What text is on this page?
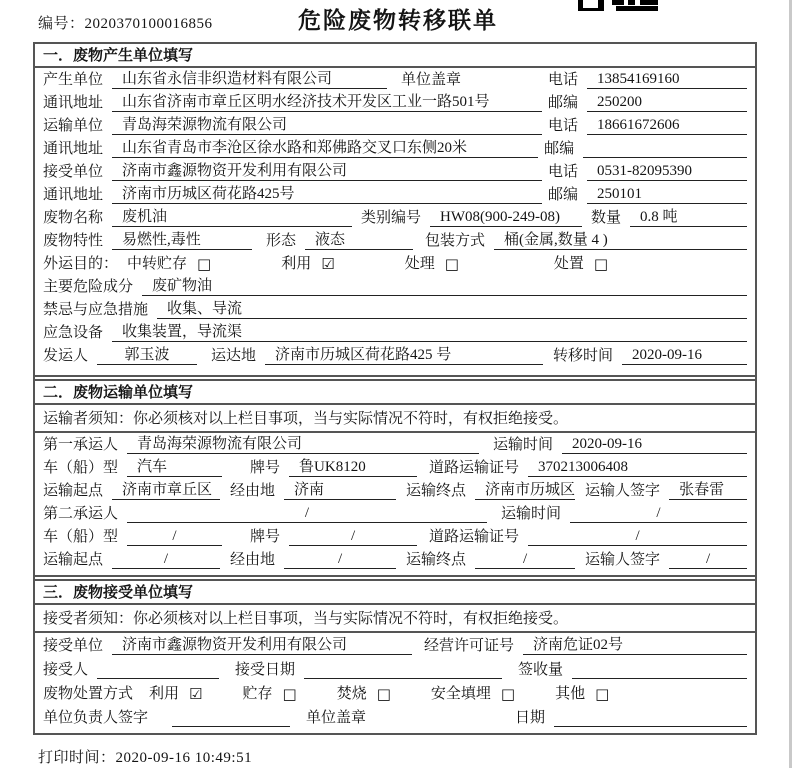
编号：2020370100016856	危险废物转移联单
一．废物产生单位填写
产生单位	山东省永信非织造材料有限公司	单位盖章	电话	13854169160
通讯地址	山东省济南市章丘区明水经济技术开发区工业一路501号	邮编	250200
运输单位	青岛海荣源物流有限公司	电话	18661672606
通讯地址	山东省青岛市李沧区徐水路和郑佛路交叉口东侧20米	邮编
接受单位	济南市鑫源物资开发利用有限公司	电话	0531-82095390
通讯地址	济南市历城区荷花路425号	邮编	250101
废物名称	废机油	类别编号	HW08(900-249-08)	数量	0.8 吨
废物特性	易燃性,毒性	形态	液态	包装方式	桶(金属,数量 4 )
外运目的： 中转贮存 □	利用 ☑	处理 □	处置 □
主要危险成分	废矿物油
禁忌与应急措施	收集、导流
应急设备	收集装置，导流渠
发运人	郭玉波	运达地	济南市历城区荷花路425 号	转移时间	2020-09-16
二．废物运输单位填写
运输者须知：你必须核对以上栏目事项，当与实际情况不符时，有权拒绝接受。
第一承运人	青岛海荣源物流有限公司	运输时间	2020-09-16
车（船）型	汽车	牌号	鲁UK8120	道路运输证号	370213006408
运输起点	济南市章丘区	经由地	济南	运输终点	济南市历城区 运输人签字	张春雷
第二承运人	/	运输时间	/
车（船）型	/	牌号	/	道路运输证号	/
运输起点	/	经由地	/	运输终点	/	运输人签字	/
三．废物接受单位填写
接受者须知：你必须核对以上栏目事项，当与实际情况不符时，有权拒绝接受。
接受单位	济南市鑫源物资开发利用有限公司	经营许可证号	济南危证02号
接受人	接受日期	签收量
废物处置方式 利用 ☑	贮存 □	焚烧 □	安全填埋 □	其他 □
单位负责人签字	单位盖章	日期
打印时间：2020-09-16 10:49:51
